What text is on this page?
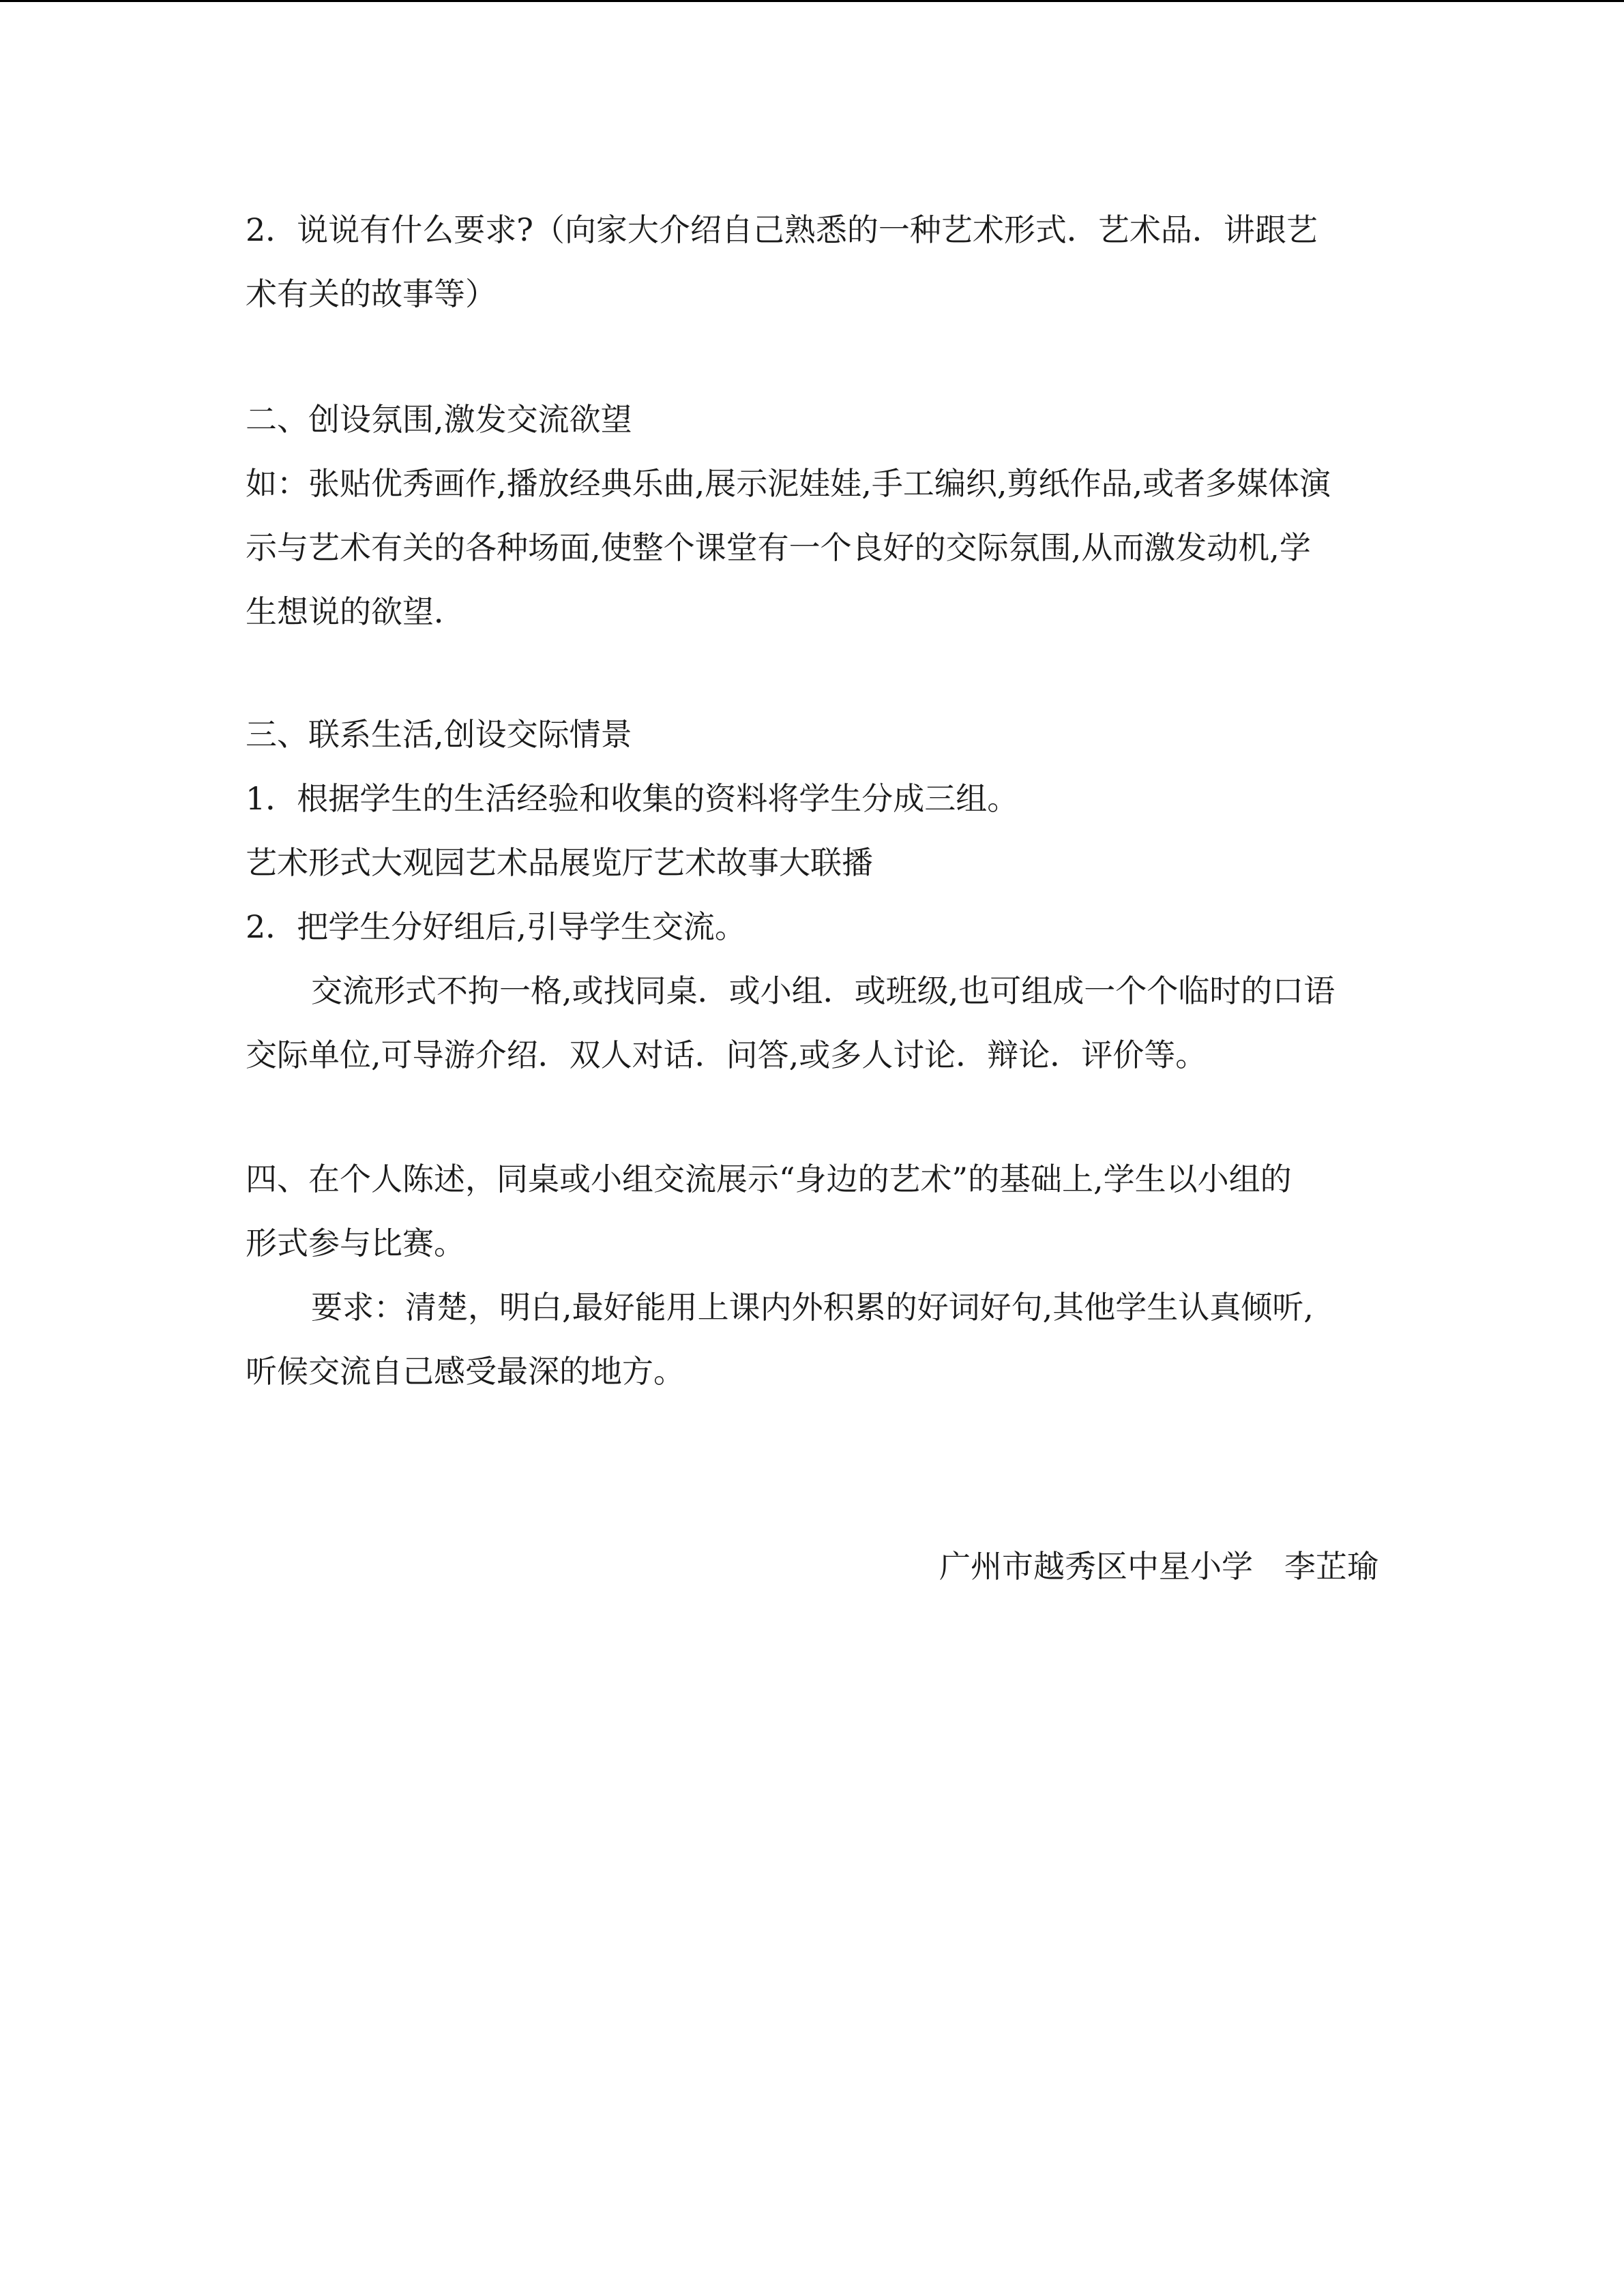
2．说说有什么要求?（向家大介绍自己熟悉的一种艺术形式．艺术品．讲跟艺

术有关的故事等）

二、创设氛围,激发交流欲望

如：张贴优秀画作,播放经典乐曲,展示泥娃娃,手工编织,剪纸作品,或者多媒体演

示与艺术有关的各种场面,使整个课堂有一个良好的交际氛围,从而激发动机,学

生想说的欲望．

三、联系生活,创设交际情景

1．根据学生的生活经验和收集的资料将学生分成三组。

艺术形式大观园艺术品展览厅艺术故事大联播

2．把学生分好组后,引导学生交流。

交流形式不拘一格,或找同桌．或小组．或班级,也可组成一个个临时的口语

交际单位,可导游介绍．双人对话．问答,或多人讨论．辩论．评价等。

四、在个人陈述，同桌或小组交流展示“身边的艺术”的基础上,学生以小组的

形式参与比赛。

要求：清楚，明白,最好能用上课内外积累的好词好句,其他学生认真倾听,

听候交流自己感受最深的地方。

广州市越秀区中星小学  李芷瑜
